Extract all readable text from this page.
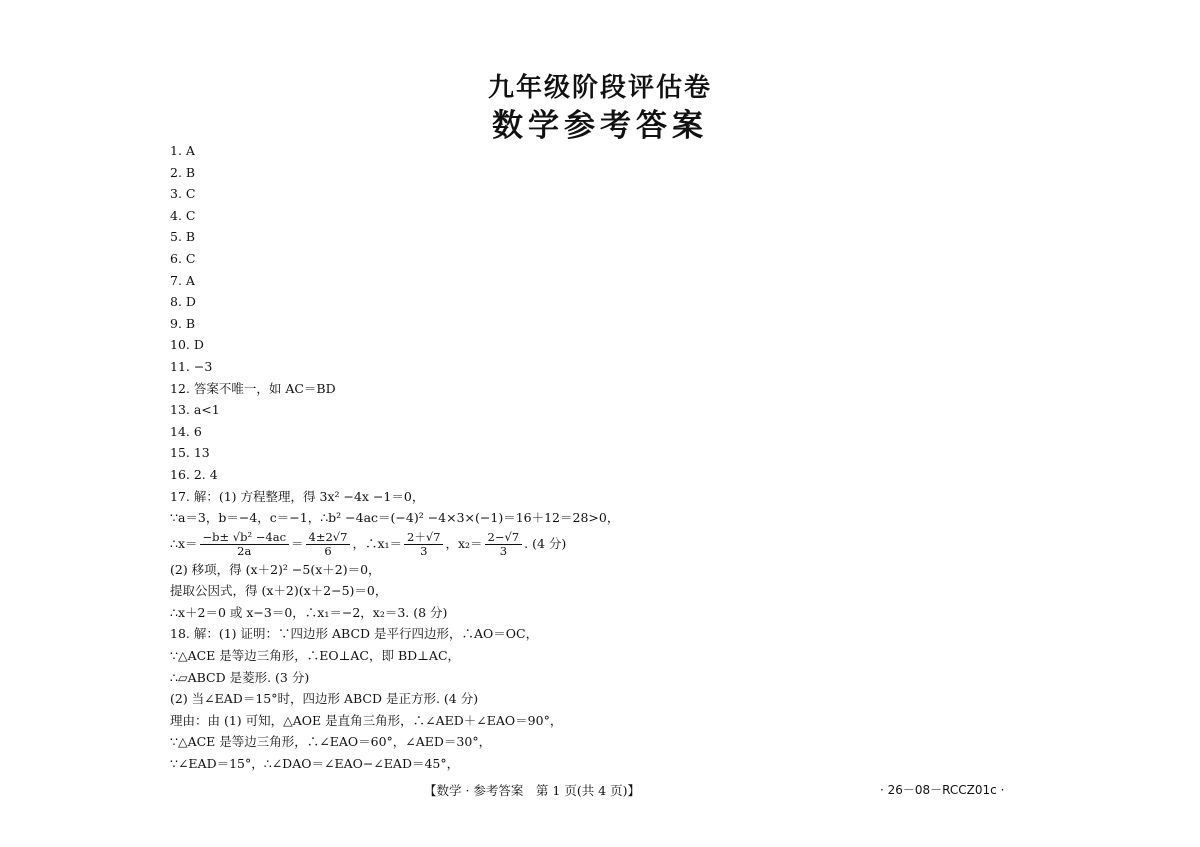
九年级阶段评估卷
数学参考答案
1. A
2. B
3. C
4. C
5. B
6. C
7. A
8. D
9. B
10. D
11. −3
12. 答案不唯一，如 AC＝BD
13. a<1
14. 6
15. 13
16. 2. 4
17. 解：(1) 方程整理，得 3x² −4x −1＝0，
∵a＝3，b＝−4，c＝−1，∴b² −4ac＝(−4)² −4×3×(−1)＝16＋12＝28>0，
∴x＝ $\frac{\text{−b± √b² −4ac}}{2a} = \frac{4\pm 2√7}{6}$ ，∴x₁＝ $\frac{2+√7}{3}$ ，$x_2= \frac{2-√7}{3}$ . (4 分)
(2) 移项，得 (x＋2)² −5(x＋2)＝0，
提取公因式，得 (x＋2)(x＋2−5)＝0，
∴x＋2＝0 或 x−3＝0，∴x₁＝−2，x₂＝3. (8 分)
18. 解：(1) 证明：∵四边形 ABCD 是平行四边形，∴AO＝OC，
∵△ACE 是等边三角形，∴EO⊥AC，即 BD⊥AC，
∴▱ABCD 是菱形. (3 分)
(2) 当∠EAD＝15°时，四边形 ABCD 是正方形. (4 分)
理由：由 (1) 可知，△AOE 是直角三角形，∴∠AED＋∠EAO＝90°，
∵△ACE 是等边三角形，∴∠EAO＝60°，∠AED＝30°，
∵∠EAD＝15°，∴∠DAO＝∠EAO−∠EAD＝45°，
【数学 · 参考答案　第 1 页(共 4 页)】	· 26－08－RCCZ01c ·
